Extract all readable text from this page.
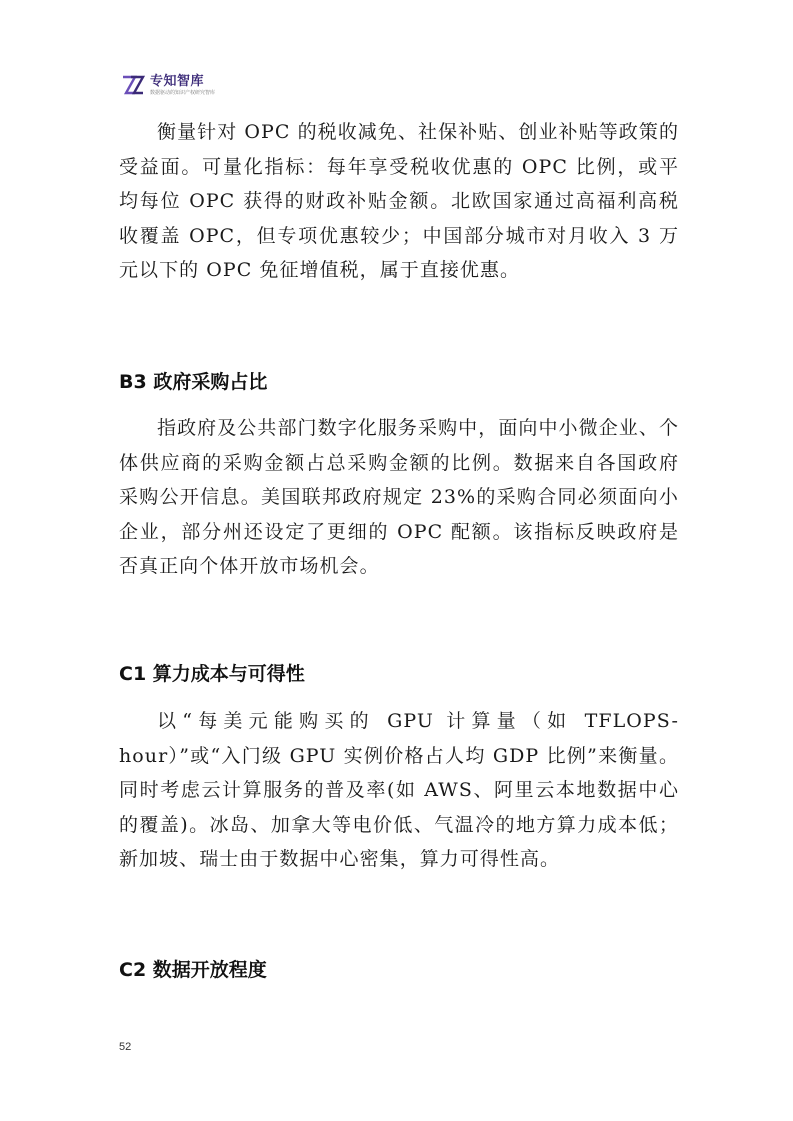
专知智库
数据驱动的知识产权研究智库

衡量针对 OPC 的税收减免、社保补贴、创业补贴等政策的受益面。可量化指标：每年享受税收优惠的 OPC 比例，或平均每位 OPC 获得的财政补贴金额。北欧国家通过高福利高税收覆盖 OPC，但专项优惠较少；中国部分城市对月收入 3 万元以下的 OPC 免征增值税，属于直接优惠。

B3 政府采购占比

指政府及公共部门数字化服务采购中，面向中小微企业、个体供应商的采购金额占总采购金额的比例。数据来自各国政府采购公开信息。美国联邦政府规定 23%的采购合同必须面向小企业，部分州还设定了更细的 OPC 配额。该指标反映政府是否真正向个体开放市场机会。

C1 算力成本与可得性

以“每美元能购买的 GPU 计算量（如 TFLOPS-hour）”或“入门级 GPU 实例价格占人均 GDP 比例”来衡量。同时考虑云计算服务的普及率(如 AWS、阿里云本地数据中心的覆盖)。冰岛、加拿大等电价低、气温冷的地方算力成本低；新加坡、瑞士由于数据中心密集，算力可得性高。

C2 数据开放程度
52
